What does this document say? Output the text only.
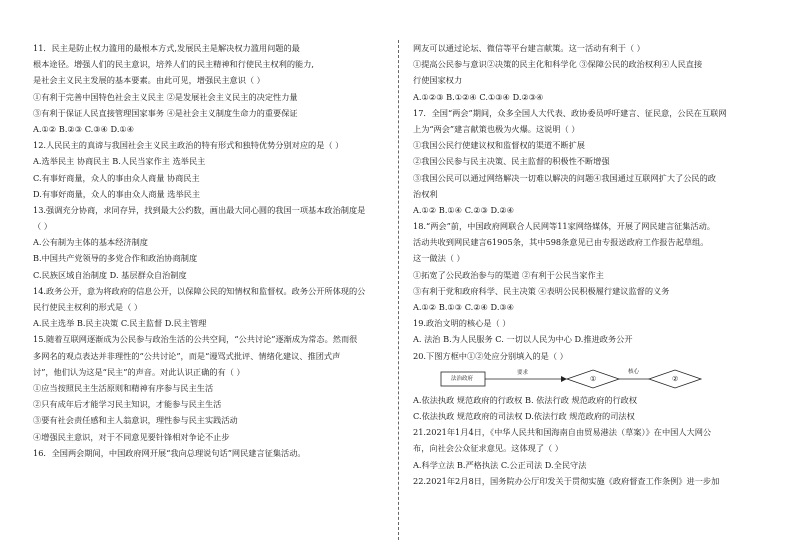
11．民主是防止权力滥用的最根本方式,发展民主是解决权力滥用问题的最
根本途径。增强人们的民主意识，培养人们的民主精神和行使民主权利的能力,
是社会主义民主发展的基本要素。由此可见，增强民主意识（ ）
①有利于完善中国特色社会主义民主 ②是发展社会主义民主的决定性力量
③有利于保证人民直接管理国家事务 ④是社会主义制度生命力的重要保证
A.①② B.②③ C.③④ D.①④
12.人民民主的真谛与我国社会主义民主政治的特有形式和独特优势分别对应的是（ ）
A.选举民主 协商民主 B.人民当家作主 选举民主
C.有事好商量，众人的事由众人商量 协商民主
D.有事好商量，众人的事由众人商量 选举民主
13.强调充分协商，求同存异，找到最大公约数，画出最大同心圆的我国一项基本政治制度是
（ ）
A.公有制为主体的基本经济制度
B.中国共产党领导的多党合作和政治协商制度
C.民族区域自治制度 D. 基层群众自治制度
14.政务公开，意为将政府的信息公开，以保障公民的知情权和监督权。政务公开所体现的公
民行使民主权利的形式是（ ）
A.民主选举 B.民主决策 C.民主监督 D.民主管理
15.随着互联网逐渐成为公民参与政治生活的公共空间，“公共讨论”逐渐成为常态。然而很
多网名的观点表达并非理性的“公共讨论”，而是“谩骂式批评、情绪化建议、推团式声
讨”，他们认为这是“民主”的声音。对此认识正确的有（ ）
①应当按照民主生活原则和精神有序参与民主生活
②只有成年后才能学习民主知识，才能参与民主生活
③要有社会责任感和主人翁意识，理性参与民主实践活动
④增强民主意识，对于不同意见要针锋相对争论不止步
16．全国两会期间，中国政府网开展“我向总理说句话”网民建言征集活动。
网友可以通过论坛、微信等平台建言献策。这一活动有利于（ ）
①提高公民参与意识②决策的民主化和科学化 ③保障公民的政治权利④人民直接
行使国家权力
A.①②③ B.①②④ C.①③④ D.②③④
17．全国“两会”期间，众多全国人大代表、政协委员呼吁建言、征民意，公民在互联网
上为“两会”建言献策也极为火爆。这说明（ ）
①我国公民行使建议权和监督权的渠道不断扩展
②我国公民参与民主决策、民主监督的积极性不断增强
③我国公民可以通过网络解决一切难以解决的问题④我国通过互联网扩大了公民的政
治权利
A.①② B.①④ C.②③ D.②④
18.“两会”前，中国政府网联合人民网等11家网络媒体，开展了网民建言征集活动。
活动共收到网民建言61905条，其中598条意见已由专报送政府工作报告起草组。
这一做法（ ）
①拓宽了公民政治参与的渠道 ②有利于公民当家作主
③有利于党和政府科学、民主决策 ④表明公民积极履行建议监督的义务
A.①② B.①③ C.②④ D.③④
19.政治文明的核心是（ ）
A. 法治 B.为人民服务 C. 一切以人民为中心 D.推进政务公开
20.下图方框中①②处应分别填入的是（ ）
法治政府
要求
①
核心
②
A.依法执政 规范政府的行政权 B. 依法行政 规范政府的行政权
C.依法执政 规范政府的司法权 D.依法行政 规范政府的司法权
21.2021年1月4日，《中华人民共和国海南自由贸易港法（草案）》在中国人大网公
布，向社会公众征求意见。这体现了（ ）
A.科学立法 B.严格执法 C.公正司法 D.全民守法
22.2021年2月8日，国务院办公厅印发关于贯彻实施《政府督查工作条例》进一步加
